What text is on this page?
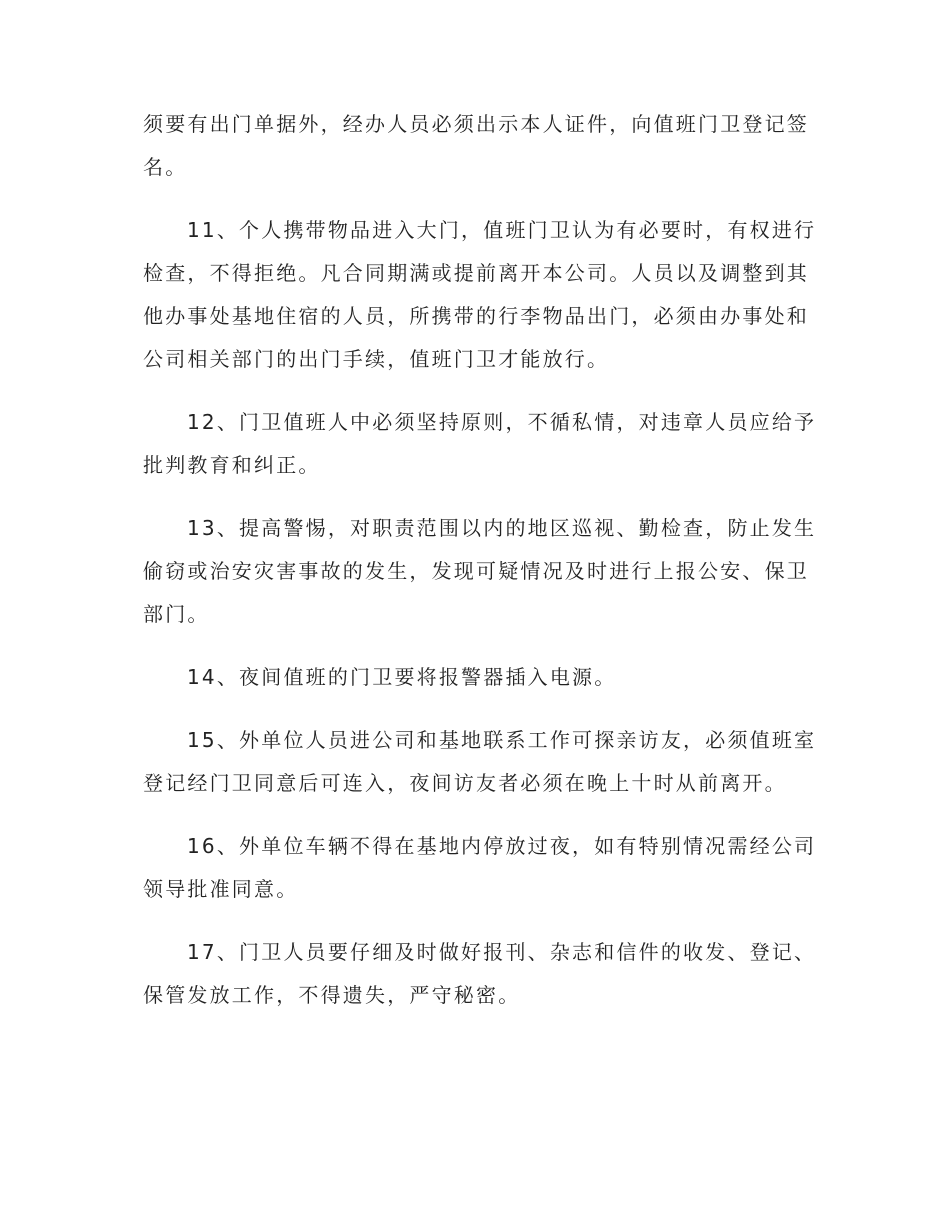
须要有出门单据外，经办人员必须出示本人证件，向值班门卫登记签
名。
11、个人携带物品进入大门，值班门卫认为有必要时，有权进行
检查，不得拒绝。凡合同期满或提前离开本公司。人员以及调整到其
他办事处基地住宿的人员，所携带的行李物品出门，必须由办事处和
公司相关部门的出门手续，值班门卫才能放行。
12、门卫值班人中必须坚持原则，不循私情，对违章人员应给予
批判教育和纠正。
13、提高警惕，对职责范围以内的地区巡视、勤检查，防止发生
偷窃或治安灾害事故的发生，发现可疑情况及时进行上报公安、保卫
部门。
14、夜间值班的门卫要将报警器插入电源。
15、外单位人员进公司和基地联系工作可探亲访友，必须值班室
登记经门卫同意后可连入，夜间访友者必须在晚上十时从前离开。
16、外单位车辆不得在基地内停放过夜，如有特别情况需经公司
领导批准同意。
17、门卫人员要仔细及时做好报刊、杂志和信件的收发、登记、
保管发放工作，不得遗失，严守秘密。
